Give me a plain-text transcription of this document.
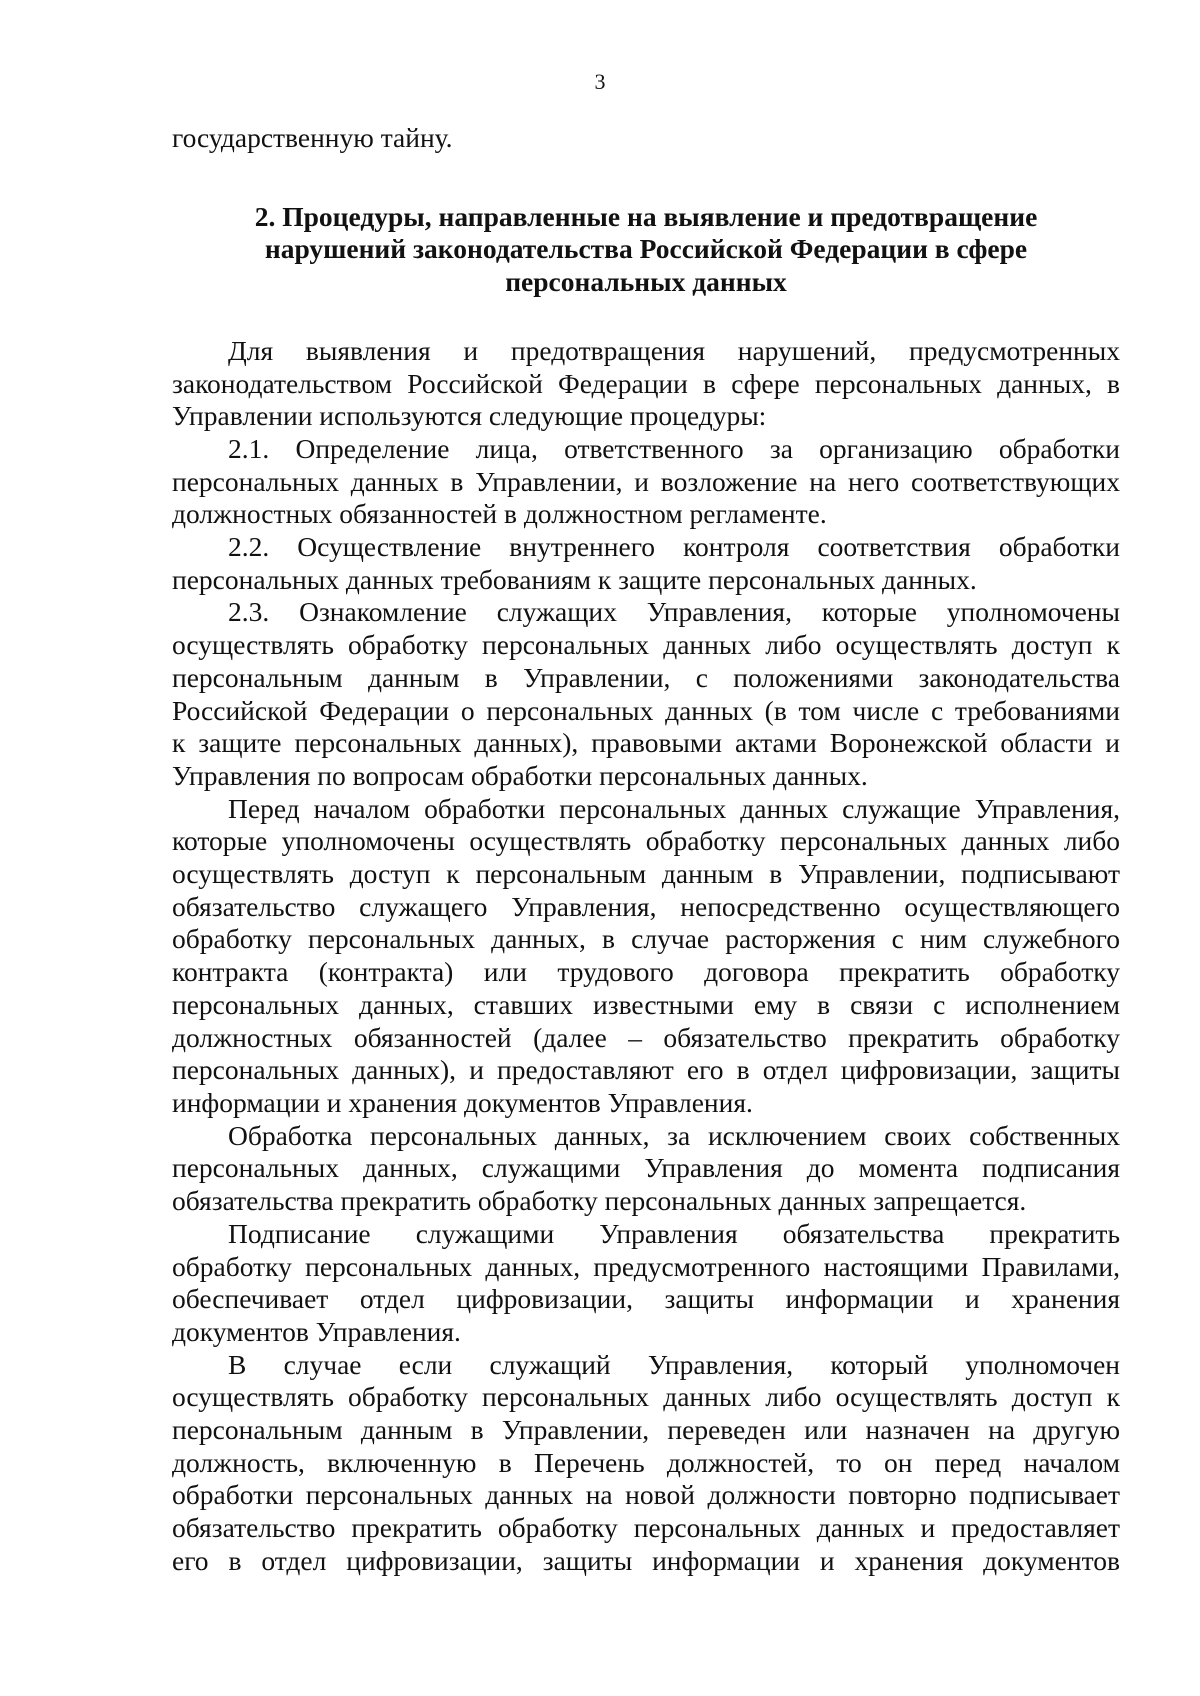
3

государственную тайну.

2. Процедуры, направленные на выявление и предотвращение
нарушений законодательства Российской Федерации в сфере
персональных данных

Для выявления и предотвращения нарушений, предусмотренных

законодательством Российской Федерации в сфере персональных данных, в

Управлении используются следующие процедуры:

2.1. Определение лица, ответственного за организацию обработки

персональных данных в Управлении, и возложение на него соответствующих

должностных обязанностей в должностном регламенте.

2.2. Осуществление внутреннего контроля соответствия обработки

персональных данных требованиям к защите персональных данных.

2.3. Ознакомление служащих Управления, которые уполномочены

осуществлять обработку персональных данных либо осуществлять доступ к

персональным данным в Управлении, с положениями законодательства

Российской Федерации о персональных данных (в том числе с требованиями

к защите персональных данных), правовыми актами Воронежской области и

Управления по вопросам обработки персональных данных.

Перед началом обработки персональных данных служащие Управления,

которые уполномочены осуществлять обработку персональных данных либо

осуществлять доступ к персональным данным в Управлении, подписывают

обязательство служащего Управления, непосредственно осуществляющего

обработку персональных данных, в случае расторжения с ним служебного

контракта (контракта) или трудового договора прекратить обработку

персональных данных, ставших известными ему в связи с исполнением

должностных обязанностей (далее – обязательство прекратить обработку

персональных данных), и предоставляют его в отдел цифровизации, защиты

информации и хранения документов Управления.

Обработка персональных данных, за исключением своих собственных

персональных данных, служащими Управления до момента подписания

обязательства прекратить обработку персональных данных запрещается.

Подписание служащими Управления обязательства прекратить

обработку персональных данных, предусмотренного настоящими Правилами,

обеспечивает отдел цифровизации, защиты информации и хранения

документов Управления.

В случае если служащий Управления, который уполномочен

осуществлять обработку персональных данных либо осуществлять доступ к

персональным данным в Управлении, переведен или назначен на другую

должность, включенную в Перечень должностей, то он перед началом

обработки персональных данных на новой должности повторно подписывает

обязательство прекратить обработку персональных данных и предоставляет

его в отдел цифровизации, защиты информации и хранения документов
